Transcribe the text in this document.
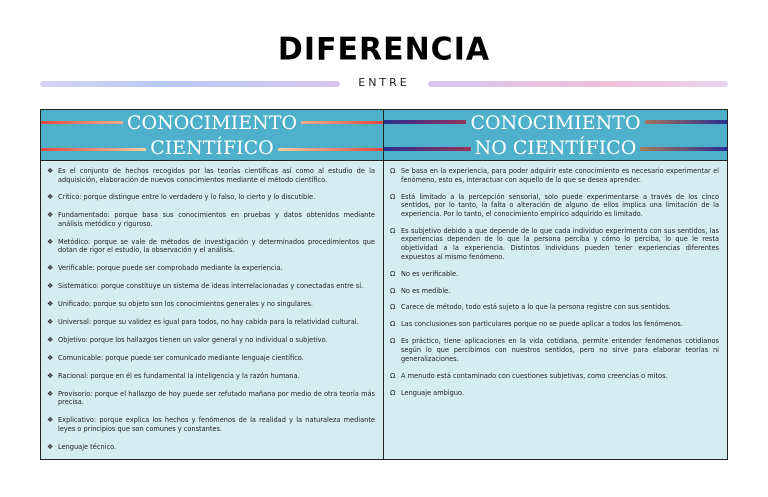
DIFERENCIA
ENTRE
CONOCIMIENTO
CIENTÍFICO
❖ Es el conjunto de hechos recogidos por las teorías científicas así como al estudio de la adquisición, elaboración de nuevos conocimientos mediante el método científico.
❖ Crítico: porque distingue entre lo verdadero y lo falso, lo cierto y lo discutible.
❖ Fundamentado: porque basa sus conocimientos en pruebas y datos obtenidos mediante análisis metódico y riguroso.
❖ Metódico: porque se vale de métodos de investigación y determinados procedimientos que dotan de rigor el estudio, la observación y el análisis.
❖ Verificable: porque puede ser comprobado mediante la experiencia.
❖ Sistemático: porque constituye un sistema de ideas interrelacionadas y conectadas entre sí.
❖ Unificado: porque su objeto son los conocimientos generales y no singulares.
❖ Universal: porque su validez es igual para todos, no hay cabida para la relatividad cultural.
❖ Objetivo: porque los hallazgos tienen un valor general y no individual o subjetivo.
❖ Comunicable: porque puede ser comunicado mediante lenguaje científico.
❖ Racional: porque en él es fundamental la inteligencia y la razón humana.
❖ Provisorio: porque el hallazgo de hoy puede ser refutado mañana por medio de otra teoría más precisa.
❖ Explicativo: porque explica los hechos y fenómenos de la realidad y la naturaleza mediante leyes o principios que son comunes y constantes.
❖ Lenguaje técnico.
CONOCIMIENTO
NO CIENTÍFICO
Ω Se basa en la experiencia, para poder adquirir este conocimiento es necesario experimentar el fenómeno, esto es, interactuar con aquello de lo que se desea aprender.
Ω Está limitado a la percepción sensorial, solo puede experimentarse a través de los cinco sentidos, por lo tanto, la falta o alteración de alguno de ellos implica una limitación de la experiencia. Por lo tanto, el conocimiento empírico adquirido es limitado.
Ω Es subjetivo debido a que depende de lo que cada individuo experimenta con sus sentidos, las experiencias dependen de lo que la persona perciba y cómo lo perciba, lo que le resta objetividad a la experiencia. Distintos individuos pueden tener experiencias diferentes expuestos al mismo fenómeno.
Ω No es verificable.
Ω No es medible.
Ω Carece de método, todo está sujeto a lo que la persona registre con sus sentidos.
Ω Las conclusiones son particulares porque no se puede aplicar a todos los fenómenos.
Ω Es práctico, tiene aplicaciones en la vida cotidiana, permite entender fenómenos cotidianos según lo que percibimos con nuestros sentidos, pero no sirve para elaborar teorías ni generalizaciones.
Ω A menudo está contaminado con cuestiones subjetivas, como creencias o mitos.
Ω Lenguaje ambiguo.
